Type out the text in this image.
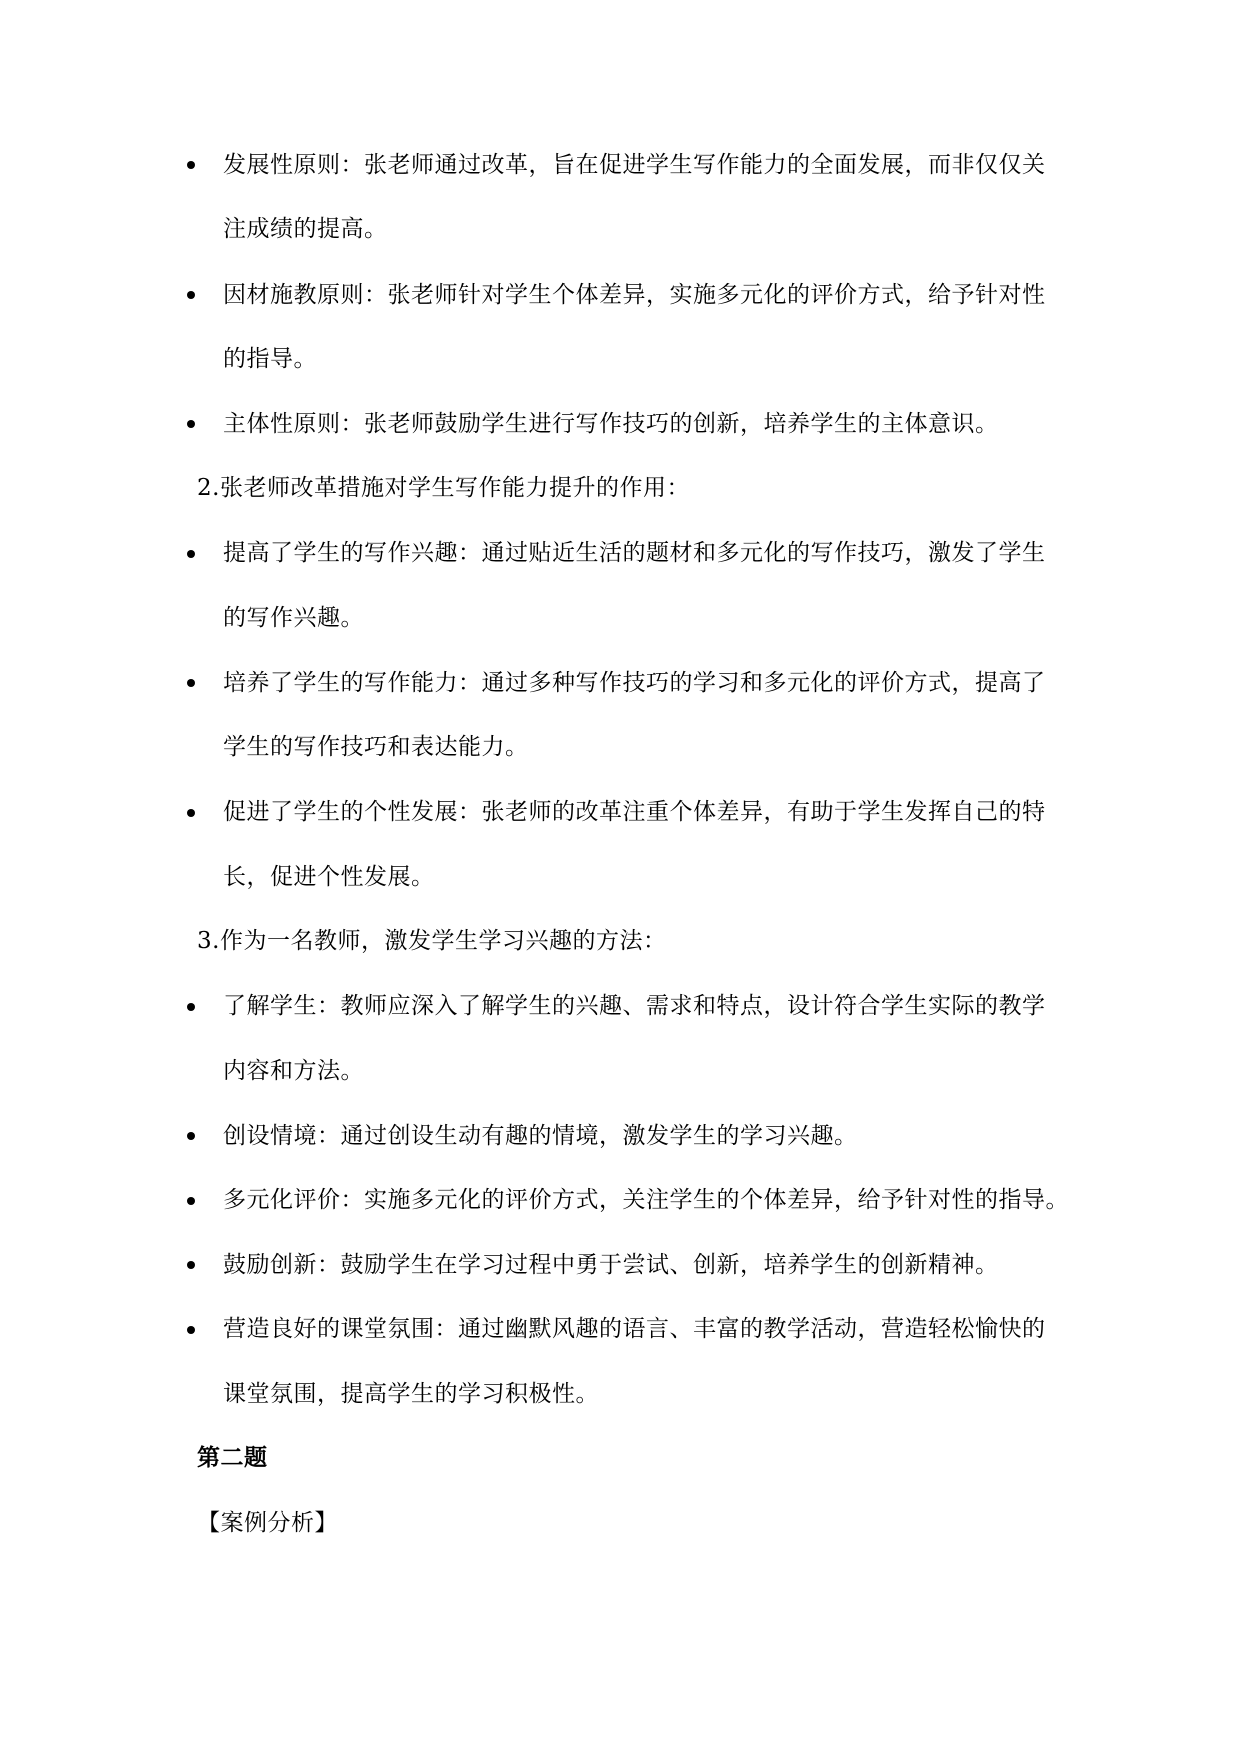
发展性原则：张老师通过改革，旨在促进学生写作能力的全面发展，而非仅仅关
注成绩的提高。
因材施教原则：张老师针对学生个体差异，实施多元化的评价方式，给予针对性
的指导。
主体性原则：张老师鼓励学生进行写作技巧的创新，培养学生的主体意识。
2.张老师改革措施对学生写作能力提升的作用：
提高了学生的写作兴趣：通过贴近生活的题材和多元化的写作技巧，激发了学生
的写作兴趣。
培养了学生的写作能力：通过多种写作技巧的学习和多元化的评价方式，提高了
学生的写作技巧和表达能力。
促进了学生的个性发展：张老师的改革注重个体差异，有助于学生发挥自己的特
长，促进个性发展。
3.作为一名教师，激发学生学习兴趣的方法：
了解学生：教师应深入了解学生的兴趣、需求和特点，设计符合学生实际的教学
内容和方法。
创设情境：通过创设生动有趣的情境，激发学生的学习兴趣。
多元化评价：实施多元化的评价方式，关注学生的个体差异，给予针对性的指导。
鼓励创新：鼓励学生在学习过程中勇于尝试、创新，培养学生的创新精神。
营造良好的课堂氛围：通过幽默风趣的语言、丰富的教学活动，营造轻松愉快的
课堂氛围，提高学生的学习积极性。
第二题
【案例分析】
